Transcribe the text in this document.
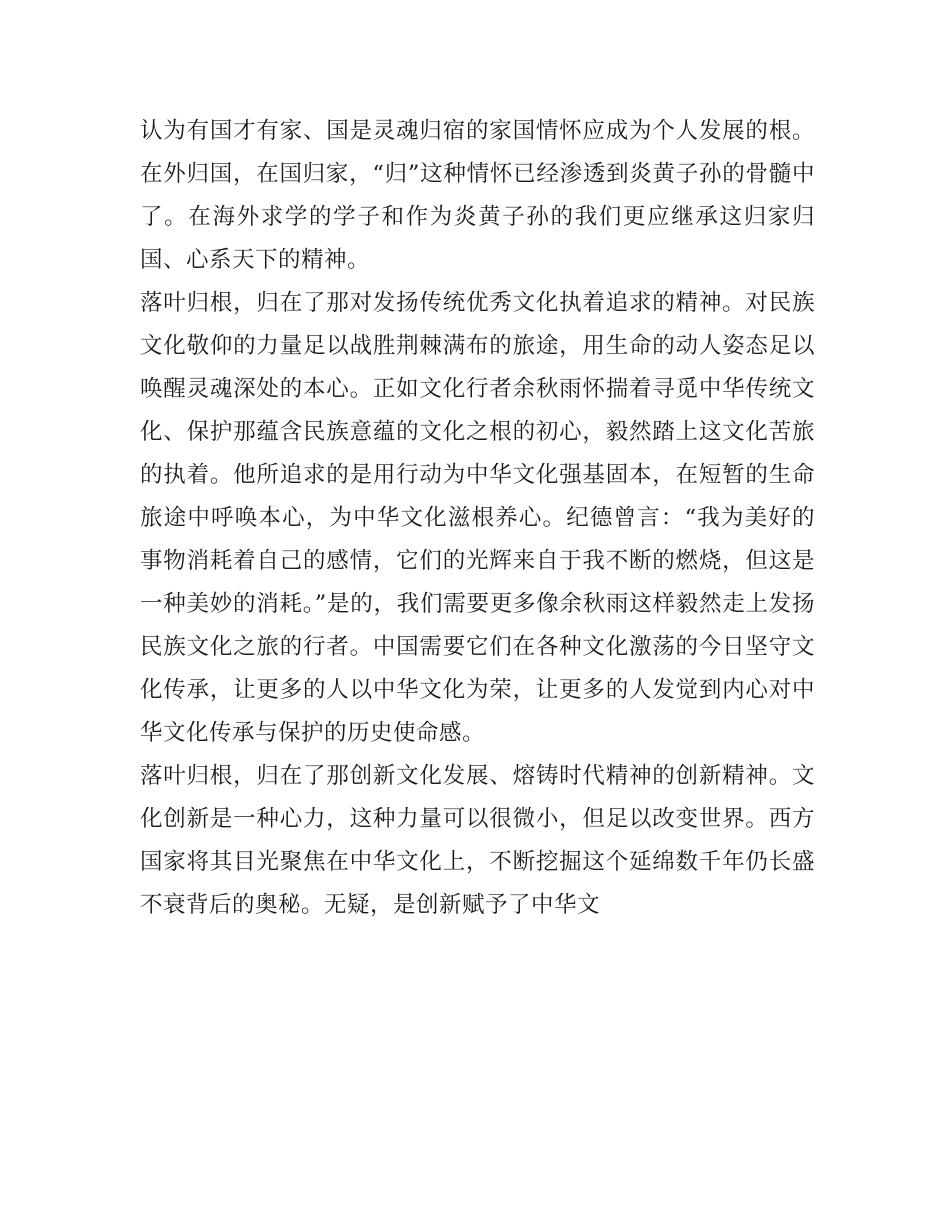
认为有国才有家、国是灵魂归宿的家国情怀应成为个人发展的根。在外归国，在国归家，“归”这种情怀已经渗透到炎黄子孙的骨髓中了。在海外求学的学子和作为炎黄子孙的我们更应继承这归家归国、心系天下的精神。

落叶归根，归在了那对发扬传统优秀文化执着追求的精神。对民族文化敬仰的力量足以战胜荆棘满布的旅途，用生命的动人姿态足以唤醒灵魂深处的本心。正如文化行者余秋雨怀揣着寻觅中华传统文化、保护那蕴含民族意蕴的文化之根的初心，毅然踏上这文化苦旅的执着。他所追求的是用行动为中华文化强基固本，在短暂的生命旅途中呼唤本心，为中华文化滋根养心。纪德曾言：“我为美好的事物消耗着自己的感情，它们的光辉来自于我不断的燃烧，但这是一种美妙的消耗。”是的，我们需要更多像余秋雨这样毅然走上发扬民族文化之旅的行者。中国需要它们在各种文化激荡的今日坚守文化传承，让更多的人以中华文化为荣，让更多的人发觉到内心对中华文化传承与保护的历史使命感。

落叶归根，归在了那创新文化发展、熔铸时代精神的创新精神。文化创新是一种心力，这种力量可以很微小，但足以改变世界。西方国家将其目光聚焦在中华文化上，不断挖掘这个延绵数千年仍长盛不衰背后的奥秘。无疑，是创新赋予了中华文
